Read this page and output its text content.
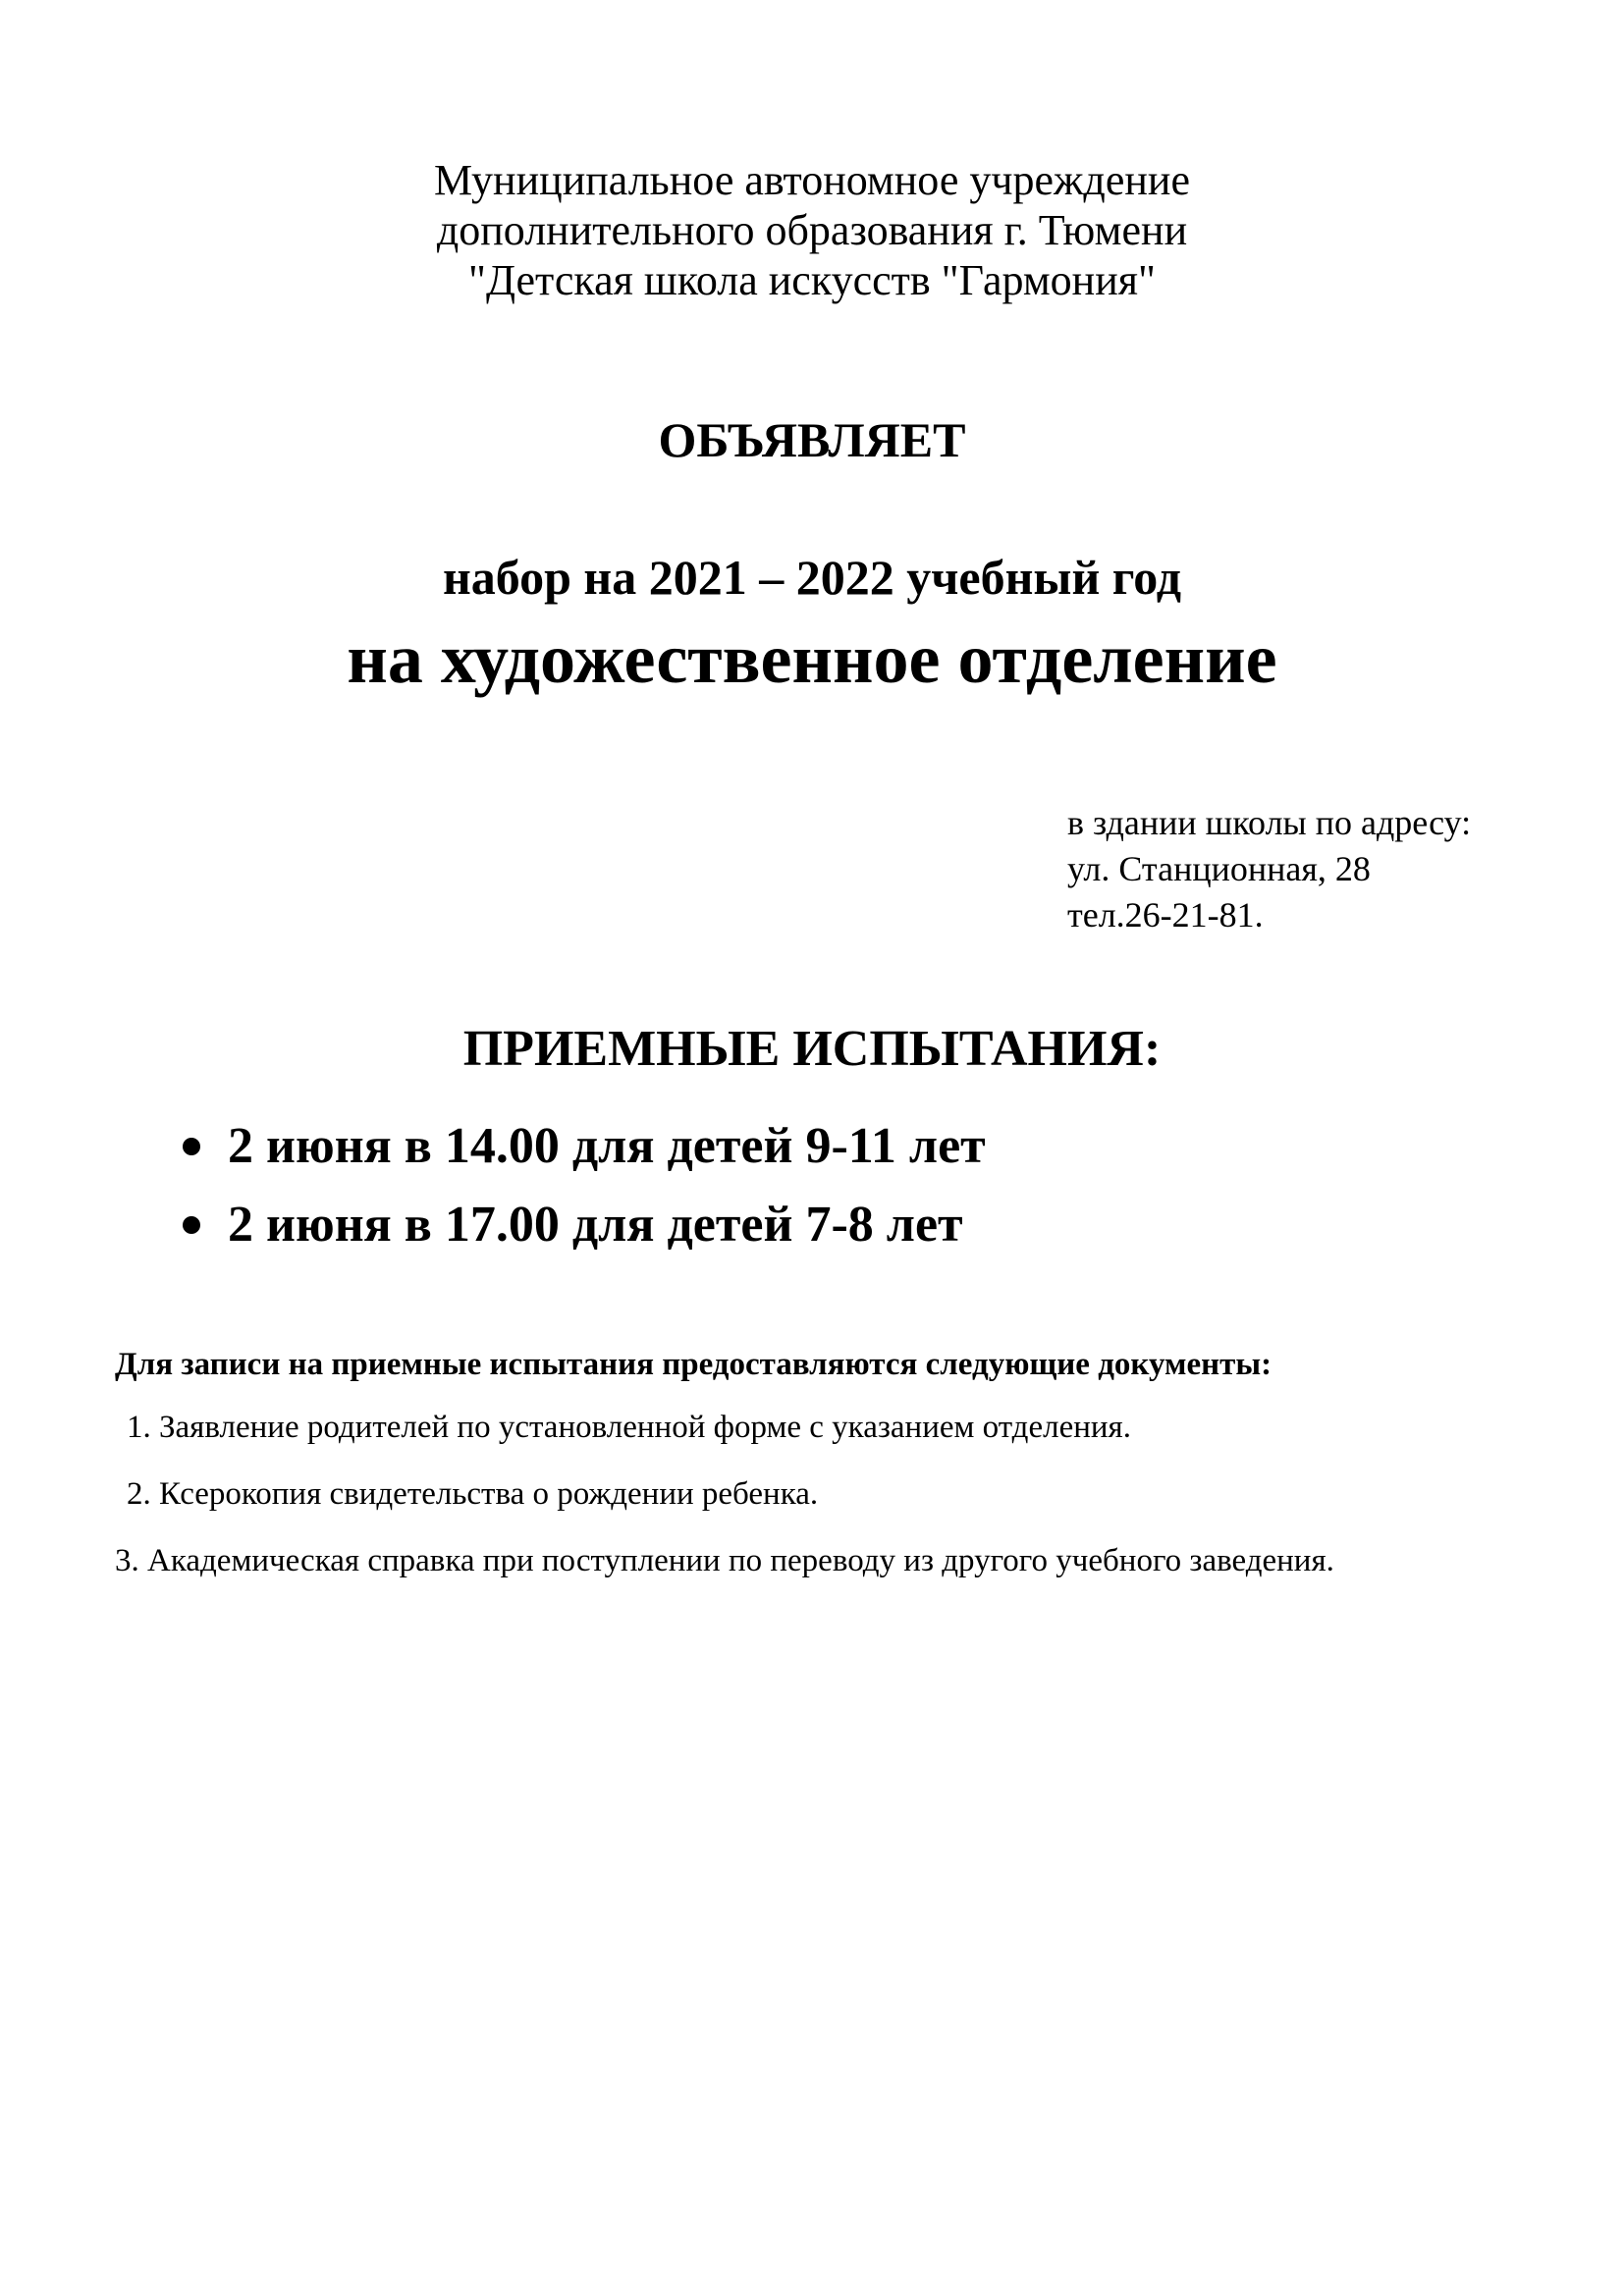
Муниципальное автономное учреждение
дополнительного образования г. Тюмени
"Детская школа искусств "Гармония"
ОБЪЯВЛЯЕТ
набор на 2021 – 2022 учебный год
на художественное отделение
в здании школы по адресу:
ул. Станционная, 28
тел.26-21-81.
ПРИЕМНЫЕ ИСПЫТАНИЯ:
2 июня в 14.00 для детей 9-11 лет
2 июня в 17.00 для детей 7-8 лет
Для записи на приемные испытания предоставляются следующие документы:

1. Заявление родителей по установленной форме с указанием отделения.

2. Ксерокопия свидетельства о рождении ребенка.

3. Академическая справка при поступлении по переводу из другого учебного заведения.
